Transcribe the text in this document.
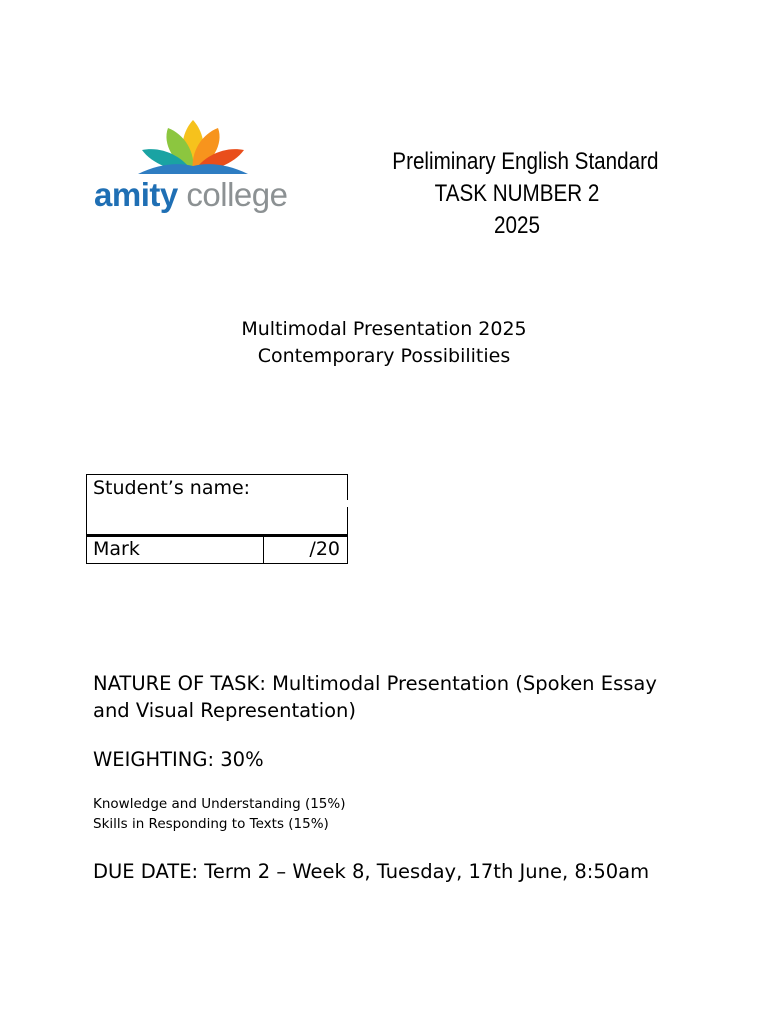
amity college
Preliminary English Standard
TASK NUMBER 2
2025
Multimodal Presentation 2025
Contemporary Possibilities
Student’s name:
Mark	/20
NATURE OF TASK: Multimodal Presentation (Spoken Essay and Visual Representation)
WEIGHTING: 30%
Knowledge and Understanding (15%)
Skills in Responding to Texts (15%)
DUE DATE: Term 2 – Week 8, Tuesday, 17th June, 8:50am
